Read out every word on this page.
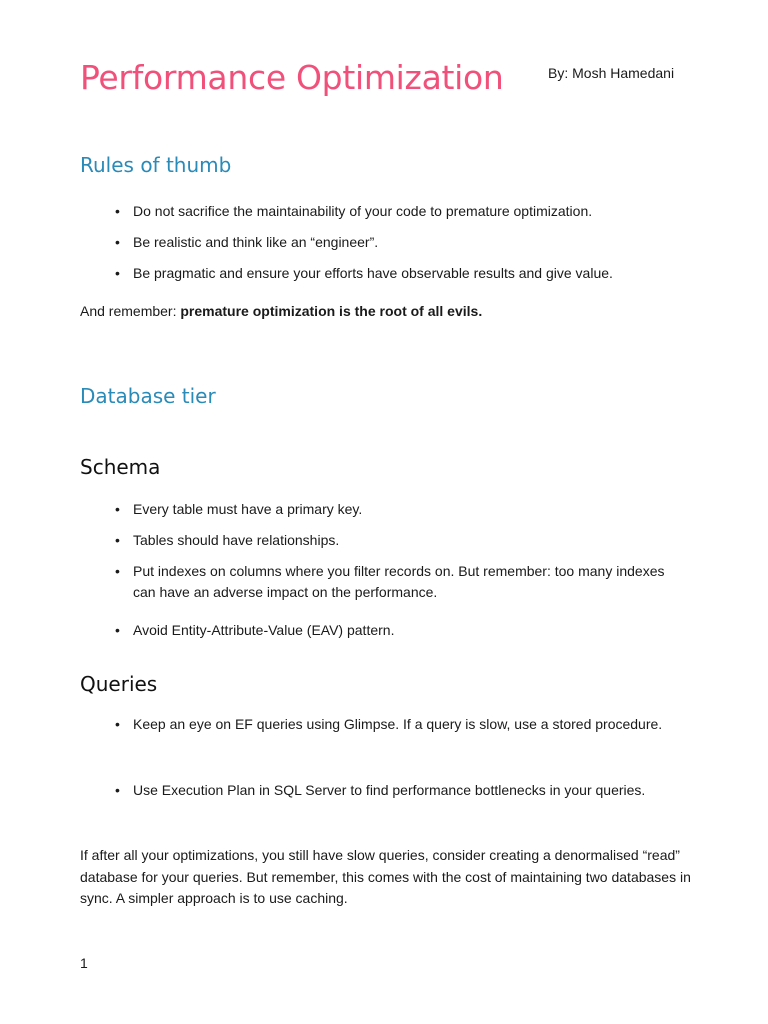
Performance Optimization	By: Mosh Hamedani
Rules of thumb
• Do not sacrifice the maintainability of your code to premature optimization.
• Be realistic and think like an “engineer”.
• Be pragmatic and ensure your efforts have observable results and give value.

And remember: premature optimization is the root of all evils.

Database tier
Schema
• Every table must have a primary key.
• Tables should have relationships.
• Put indexes on columns where you filter records on. But remember: too many indexes can have an adverse impact on the performance.
• Avoid Entity-Attribute-Value (EAV) pattern.
Queries
• Keep an eye on EF queries using Glimpse. If a query is slow, use a stored procedure.
• Use Execution Plan in SQL Server to find performance bottlenecks in your queries.

If after all your optimizations, you still have slow queries, consider creating a denormalised “read” database for your queries. But remember, this comes with the cost of maintaining two databases in sync. A simpler approach is to use caching.

1
